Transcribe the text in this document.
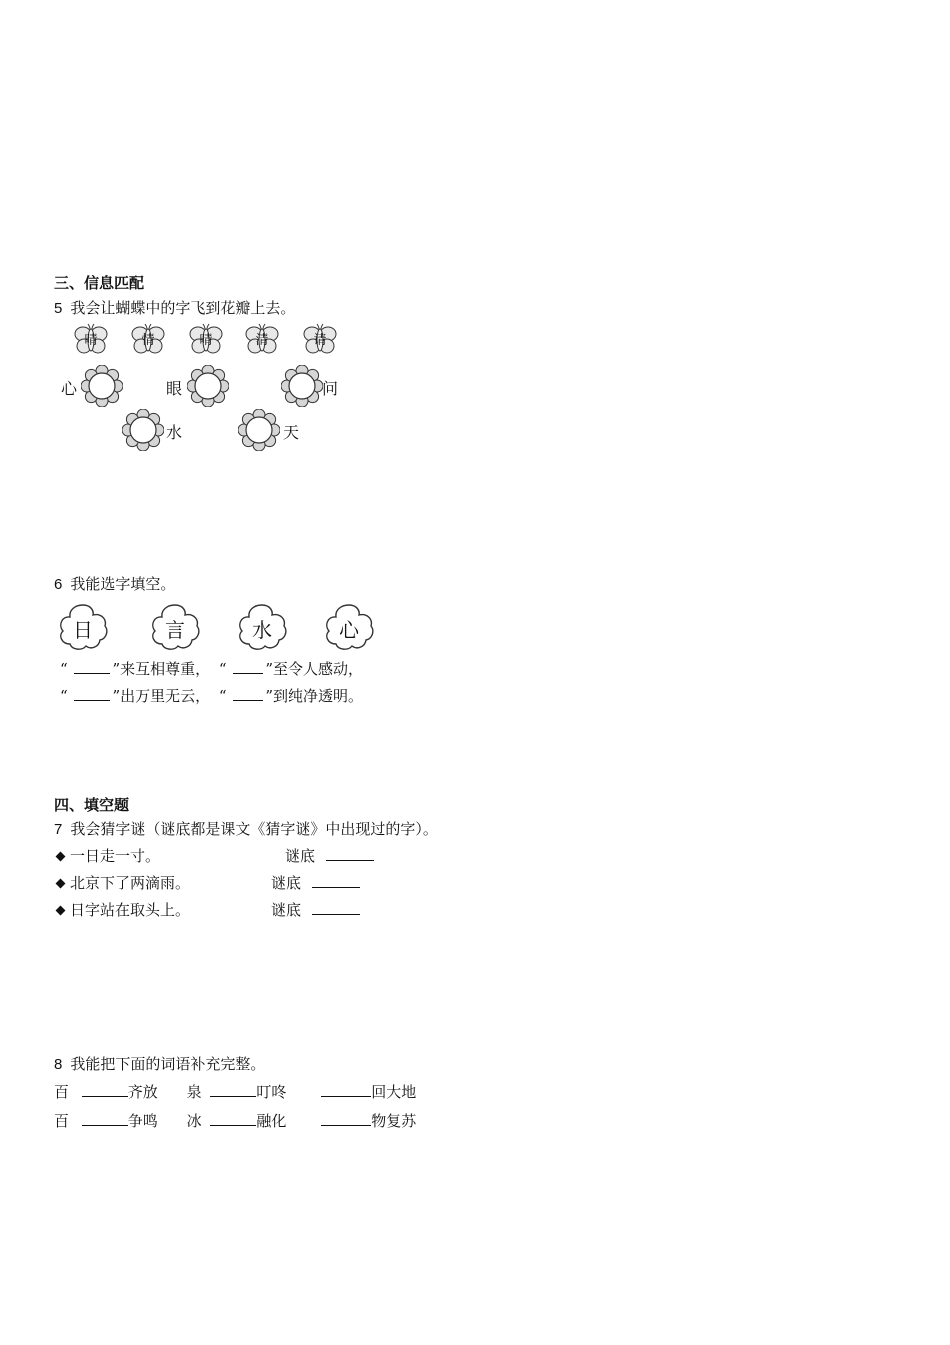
三、信息匹配
5 我会让蝴蝶中的字飞到花瓣上去。
晴	情	晴	清	请
心	眼	问
水	天
6 我能选字填空。
日	言	水	心
“	”来互相尊重， “	”至令人感动，
“	”出万里无云， “	”到纯净透明。
四、填空题
7 我会猜字谜（谜底都是课文《猜字谜》中出现过的字）。
一日走一寸。	谜底
北京下了两滴雨。	谜底
日字站在取头上。	谜底
8 我能把下面的词语补充完整。
百	齐放 泉	叮咚	回大地
百	争鸣 冰	融化	物复苏
